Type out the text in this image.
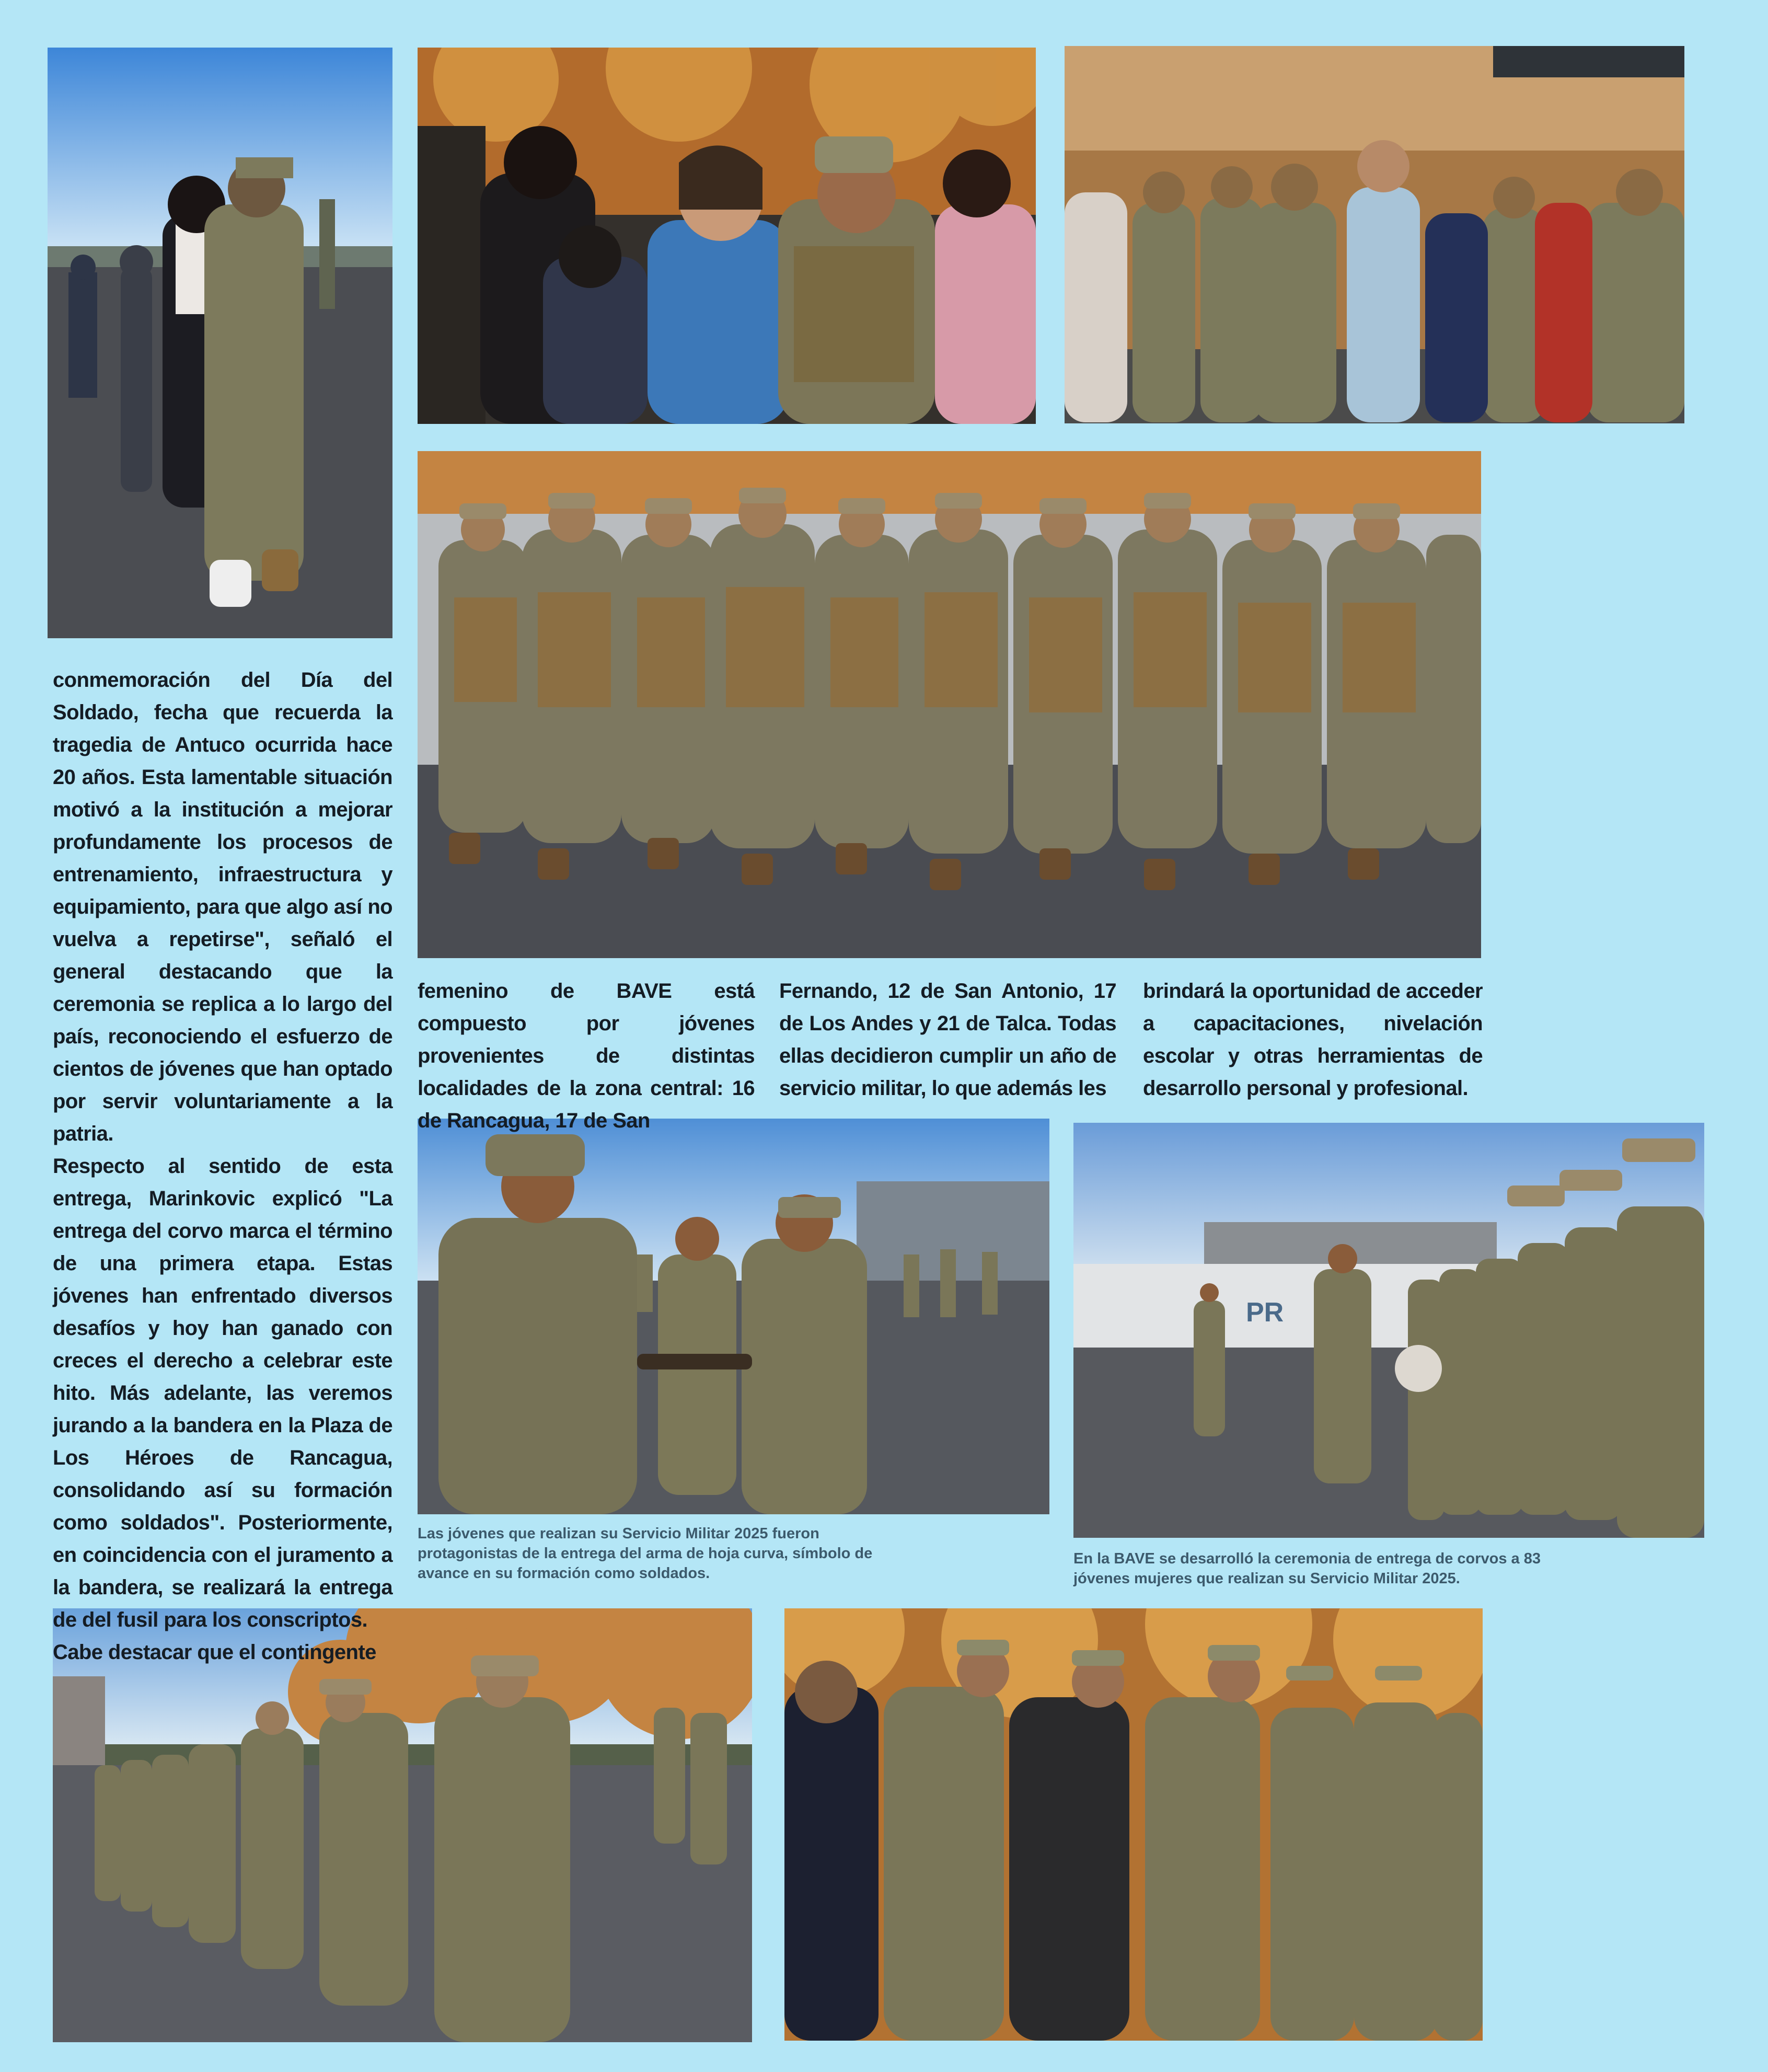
PR

conmemoración del Día del Soldado, fecha que recuerda la tragedia de Antuco ocurrida hace 20 años. Esta lamentable situación motivó a la institución a mejorar profundamente los procesos de entrenamiento, infraestructura y equipamiento, para que algo así no vuelva a repetirse", señaló el general destacando que la ceremonia se replica a lo largo del país, reconociendo el esfuerzo de cientos de jóvenes que han optado por servir voluntariamente a la patria.

Respecto al sentido de esta entrega, Marinkovic explicó "La entrega del corvo marca el término de una primera etapa. Estas jóvenes han enfrentado diversos desafíos y hoy han ganado con creces el derecho a celebrar este hito. Más adelante, las veremos jurando a la bandera en la Plaza de Los Héroes de Rancagua, consolidando así su formación como soldados". Posteriormente, en coincidencia con el juramento a la bandera, se realizará la entrega de del fusil para los conscriptos.

Cabe destacar que el contingente

femenino de BAVE está compuesto por jóvenes provenientes de distintas localidades de la zona central: 16 de Rancagua, 17 de San

Fernando, 12 de San Antonio, 17 de Los Andes y 21 de Talca. Todas ellas decidieron cumplir un año de servicio militar, lo que además les

brindará la oportunidad de acceder a capacitaciones, nivelación escolar y otras herramientas de desarrollo personal y profesional.

Las jóvenes que realizan su Servicio Militar 2025 fueron protagonistas de la entrega del arma de hoja curva, símbolo de avance en su formación como soldados.
En la BAVE se desarrolló la ceremonia de entrega de corvos a 83 jóvenes mujeres que realizan su Servicio Militar 2025.
